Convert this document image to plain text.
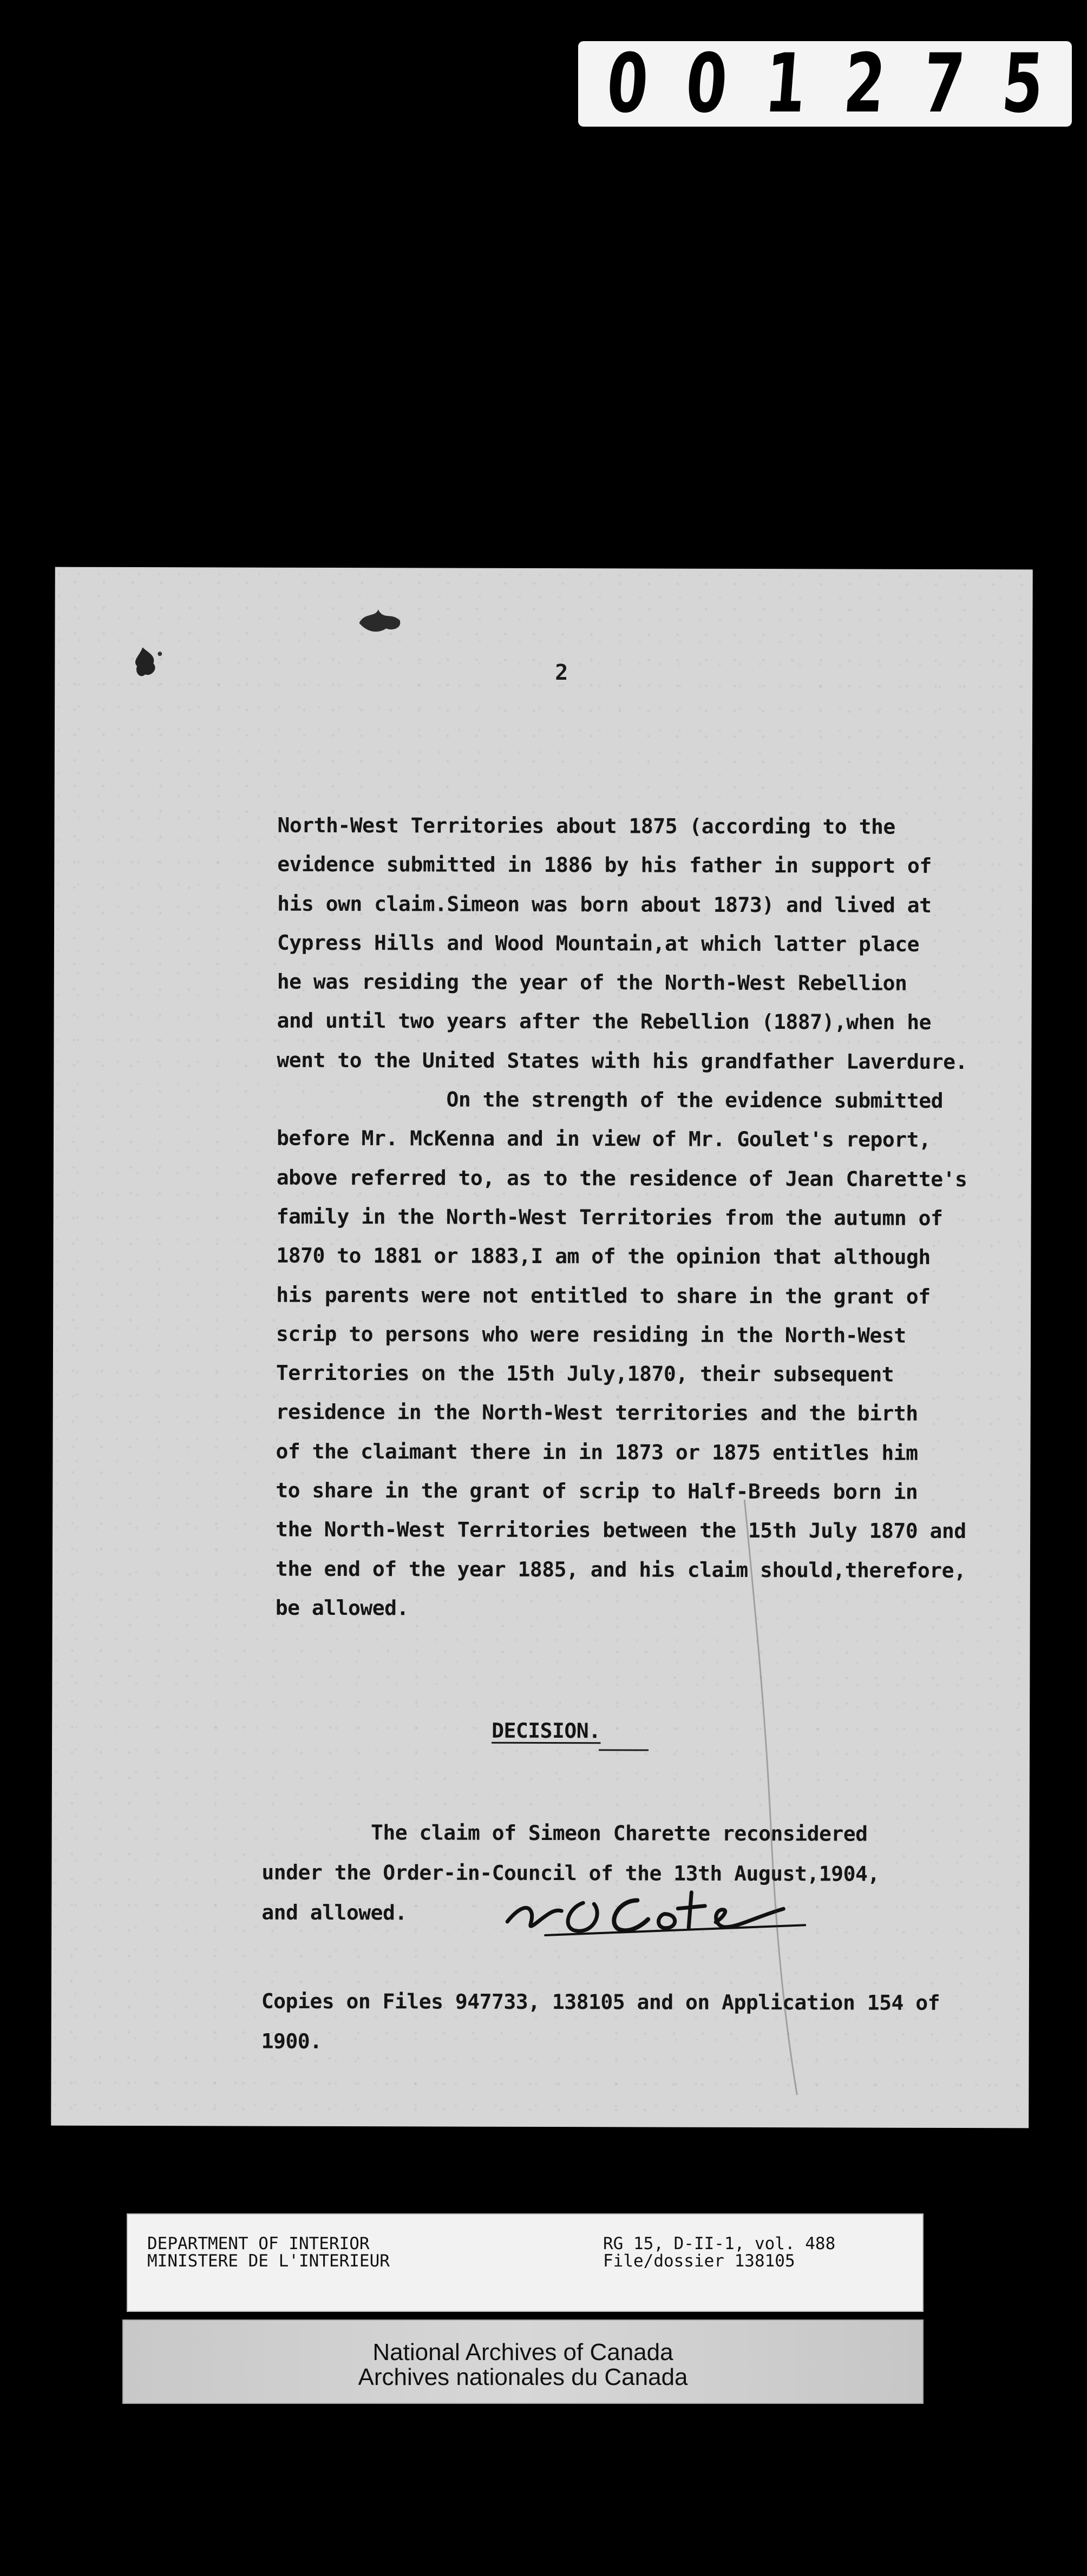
0 0 1 2 7 5
2
North-West Territories about 1875 (according to the
evidence submitted in 1886 by his father in support of
his own claim.Simeon was born about 1873) and lived at
Cypress Hills and Wood Mountain,at which latter place
he was residing the year of the North-West Rebellion
and until two years after the Rebellion (1887),when he
went to the United States with his grandfather Laverdure.
On the strength of the evidence submitted
before Mr. McKenna and in view of Mr. Goulet's report,
above referred to, as to the residence of Jean Charette's
family in the North-West Territories from the autumn of
1870 to 1881 or 1883,I am of the opinion that although
his parents were not entitled to share in the grant of
scrip to persons who were residing in the North-West
Territories on the 15th July,1870, their subsequent
residence in the North-West territories and the birth
of the claimant there in in 1873 or 1875 entitles him
to share in the grant of scrip to Half-Breeds born in
the North-West Territories between the 15th July 1870 and
the end of the year 1885, and his claim should,therefore,
be allowed.
DECISION.
The claim of Simeon Charette reconsidered
under the Order-in-Council of the 13th August,1904,
and allowed.
Copies on Files 947733, 138105 and on Application 154 of
1900.
DEPARTMENT OF INTERIOR
MINISTERE DE L'INTERIEUR
RG 15, D-II-1, vol. 488
File/dossier 138105
National Archives of Canada
Archives nationales du Canada
